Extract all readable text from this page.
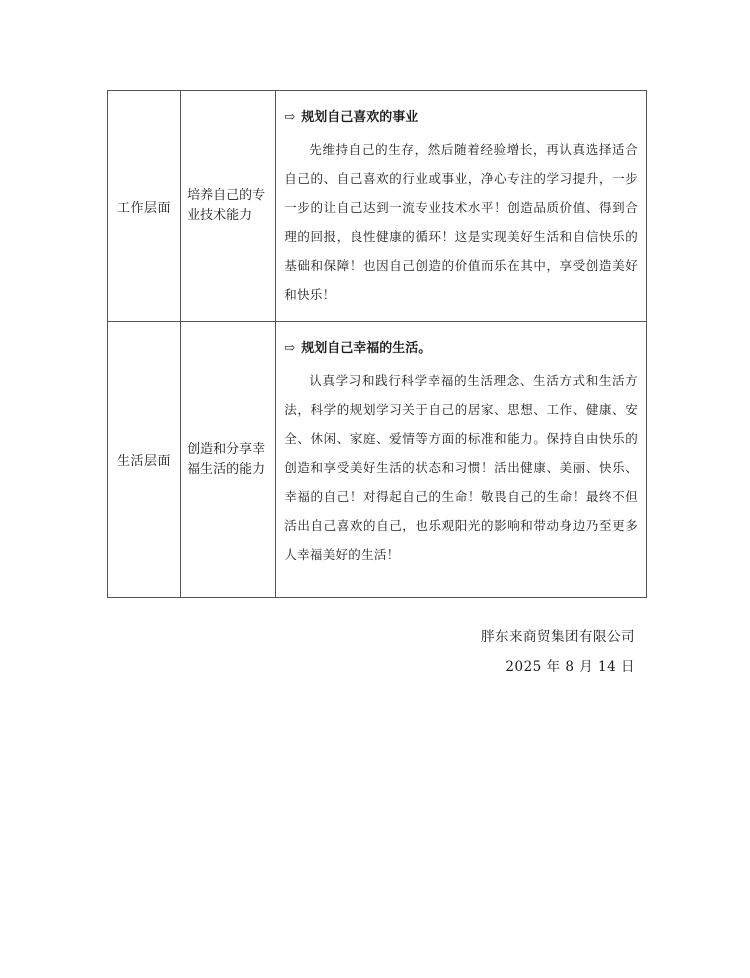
工作层面	培养自己的专业技术能力	⇨ 规划自己喜欢的事业

先维持自己的生存，然后随着经验增长，再认真选择适合自己的、自己喜欢的行业或事业，净心专注的学习提升，一步一步的让自己达到一流专业技术水平！创造品质价值、得到合理的回报，良性健康的循环！这是实现美好生活和自信快乐的基础和保障！也因自己创造的价值而乐在其中，享受创造美好和快乐！

生活层面	创造和分享幸福生活的能力	⇨ 规划自己幸福的生活。

认真学习和践行科学幸福的生活理念、生活方式和生活方法，科学的规划学习关于自己的居家、思想、工作、健康、安全、休闲、家庭、爱情等方面的标准和能力。保持自由快乐的创造和享受美好生活的状态和习惯！活出健康、美丽、快乐、幸福的自己！对得起自己的生命！敬畏自己的生命！最终不但活出自己喜欢的自己，也乐观阳光的影响和带动身边乃至更多人幸福美好的生活！

胖东来商贸集团有限公司
2025 年 8 月 14 日
